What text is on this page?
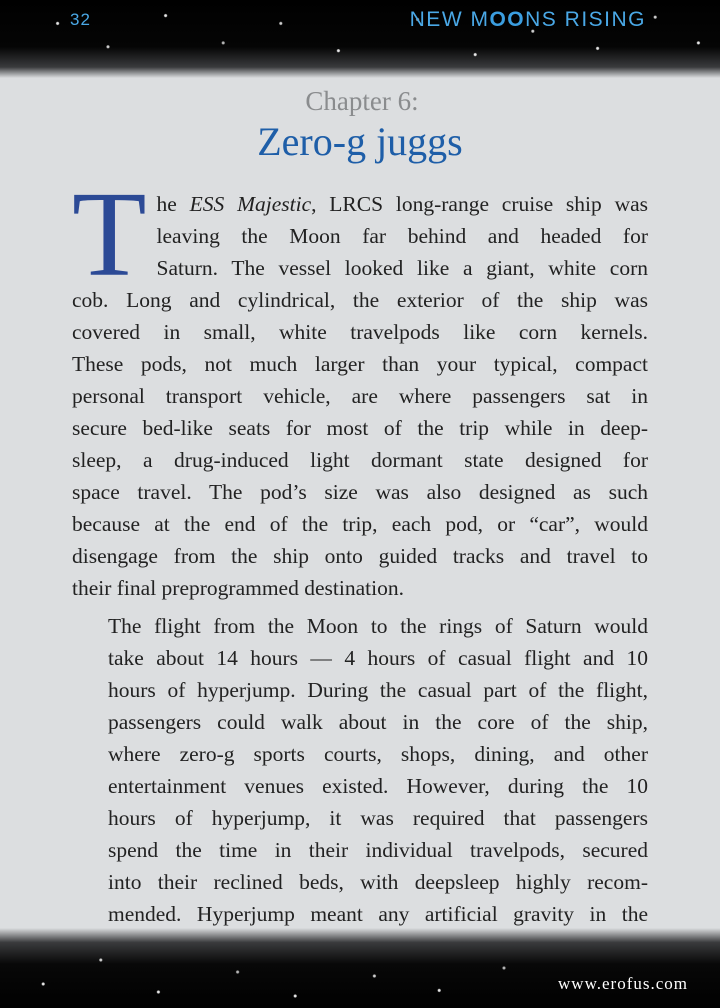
32	NEW MOONS RISING
Chapter 6:
Zero-g juggs

T he ESS Majestic, LRCS long-range cruise ship was
leaving the Moon far behind and headed for
Saturn. The vessel looked like a giant, white corn
cob. Long and cylindrical, the exterior of the ship was
covered in small, white travelpods like corn kernels.
These pods, not much larger than your typical, compact
personal transport vehicle, are where passengers sat in
secure bed-like seats for most of the trip while in deep-
sleep, a drug-induced light dormant state designed for
space travel. The pod’s size was also designed as such
because at the end of the trip, each pod, or “car”, would
disengage from the ship onto guided tracks and travel to
their final preprogrammed destination.

The flight from the Moon to the rings of Saturn would
take about 14 hours — 4 hours of casual flight and 10
hours of hyperjump. During the casual part of the flight,
passengers could walk about in the core of the ship,
where zero-g sports courts, shops, dining, and other
entertainment venues existed. However, during the 10
hours of hyperjump, it was required that passengers
spend the time in their individual travelpods, secured
into their reclined beds, with deepsleep highly recom-
mended. Hyperjump meant any artificial gravity in the

www.erofus.com
